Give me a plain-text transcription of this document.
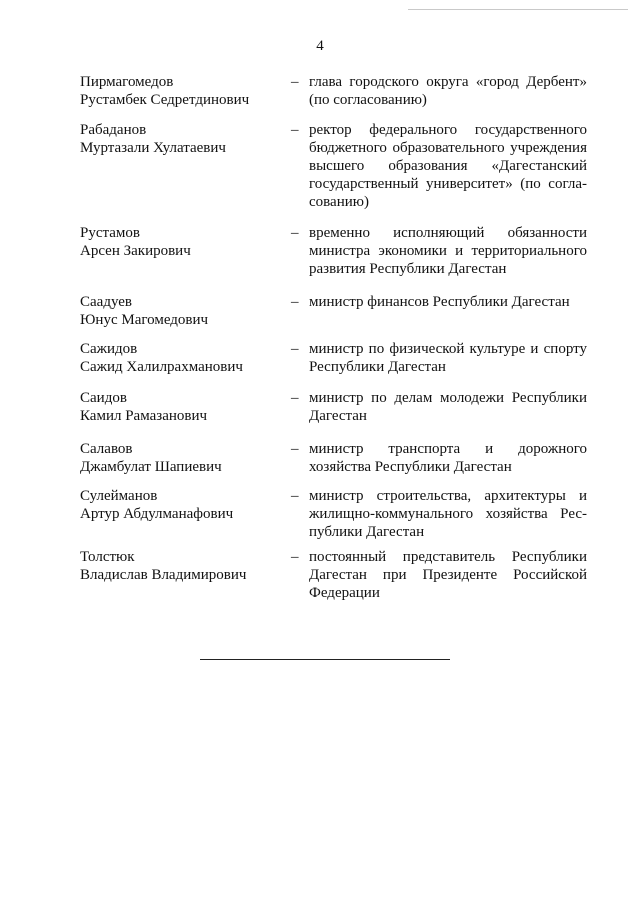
4
Пирмагомедов
Рустамбек Седретдинович
– глава городского округа «город Дербент»
(по согласованию)
Рабаданов
Муртазали Хулатаевич
– ректор федерального государственного
бюджетного образовательного учреждения
высшего образования «Дагестанский
государственный университет» (по согла-
сованию)
Рустамов
Арсен Закирович
– временно исполняющий обязанности
министра экономики и территориального
развития Республики Дагестан
Саадуев
Юнус Магомедович
– министр финансов Республики Дагестан
Сажидов
Сажид Халилрахманович
– министр по физической культуре и спорту
Республики Дагестан
Саидов
Камил Рамазанович
– министр по делам молодежи Республики
Дагестан
Салавов
Джамбулат Шапиевич
– министр транспорта и дорожного
хозяйства Республики Дагестан
Сулейманов
Артур Абдулманафович
– министр строительства, архитектуры и
жилищно-коммунального хозяйства Рес-
публики Дагестан
Толстюк
Владислав Владимирович
– постоянный представитель Республики
Дагестан при Президенте Российской
Федерации
